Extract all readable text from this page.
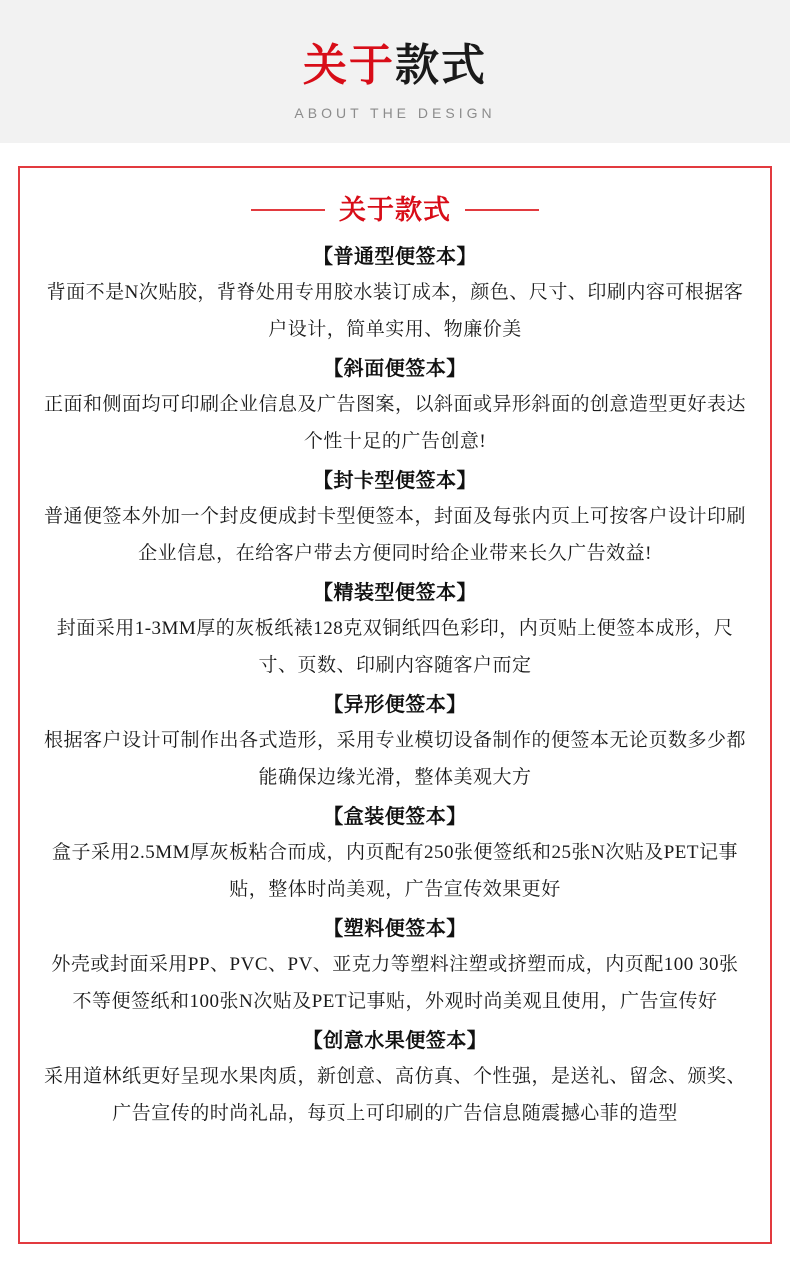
关于款式
ABOUT THE DESIGN
关于款式
【普通型便签本】
背面不是N次贴胶，背脊处用专用胶水装订成本，颜色、尺寸、印刷内容可根据客户设计，简单实用、物廉价美
【斜面便签本】
正面和侧面均可印刷企业信息及广告图案，以斜面或异形斜面的创意造型更好表达个性十足的广告创意!
【封卡型便签本】
普通便签本外加一个封皮便成封卡型便签本，封面及每张内页上可按客户设计印刷企业信息，在给客户带去方便同时给企业带来长久广告效益!
【精装型便签本】
封面采用1-3MM厚的灰板纸裱128克双铜纸四色彩印，内页贴上便签本成形，尺寸、页数、印刷内容随客户而定
【异形便签本】
根据客户设计可制作出各式造形，采用专业模切设备制作的便签本无论页数多少都能确保边缘光滑，整体美观大方
【盒装便签本】
盒子采用2.5MM厚灰板粘合而成，内页配有250张便签纸和25张N次贴及PET记事贴，整体时尚美观，广告宣传效果更好
【塑料便签本】
外壳或封面采用PP、PVC、PV、亚克力等塑料注塑或挤塑而成，内页配100 30张 不等便签纸和100张N次贴及PET记事贴，外观时尚美观且使用，广告宣传好
【创意水果便签本】
采用道林纸更好呈现水果肉质，新创意、高仿真、个性强，是送礼、留念、颁奖、广告宣传的时尚礼品，每页上可印刷的广告信息随震撼心菲的造型
